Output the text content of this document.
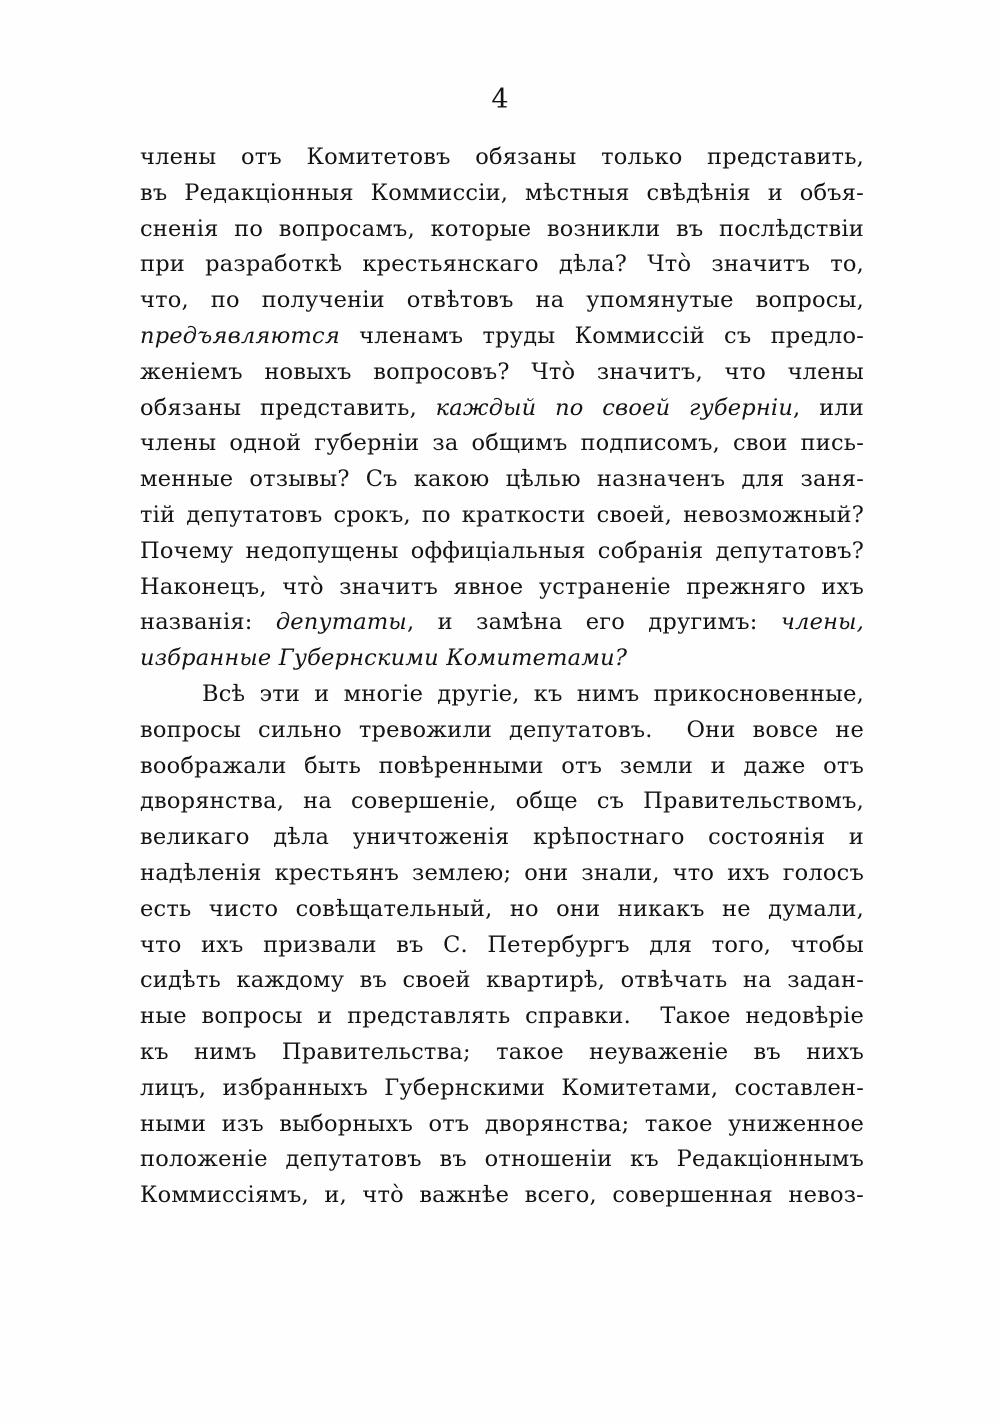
4
члены отъ Комитетовъ обязаны только представить,
въ Редакціонныя Коммиссіи, мѣстныя свѣдѣнія и объя-
сненія по вопросамъ, которые возникли въ послѣдствіи
при разработкѣ крестьянскаго дѣла? Что̀ значитъ то,
что, по полученіи отвѣтовъ на упомянутые вопросы,
предъявляются членамъ труды Коммиссій съ предло-
женіемъ новыхъ вопросовъ? Что̀ значитъ, что члены
обязаны представить, каждый по своей губерніи, или
члены одной губерніи за общимъ подписомъ, свои пись-
менные отзывы? Съ какою цѣлью назначенъ для заня-
тій депутатовъ срокъ, по краткости своей, невозможный?
Почему недопущены оффиціальныя собранія депутатовъ?
Наконецъ, что̀ значитъ явное устраненіе прежняго ихъ
названія: депутаты, и замѣна его другимъ: члены,
избранные Губернскими Комитетами?
Всѣ эти и многіе другіе, къ нимъ прикосновенные,
вопросы сильно тревожили депутатовъ.  Они вовсе не
воображали быть повѣренными отъ земли и даже отъ
дворянства, на совершеніе, обще съ Правительствомъ,
великаго дѣла уничтоженія крѣпостнаго состоянія и
надѣленія крестьянъ землею; они знали, что ихъ голосъ
есть чисто совѣщательный, но они никакъ не думали,
что ихъ призвали въ С. Петербургъ для того, чтобы
сидѣть каждому въ своей квартирѣ, отвѣчать на задан-
ные вопросы и представлять справки.  Такое недовѣріе
къ нимъ Правительства; такое неуваженіе въ нихъ
лицъ, избранныхъ Губернскими Комитетами, составлен-
ными изъ выборныхъ отъ дворянства; такое униженное
положеніе депутатовъ въ отношеніи къ Редакціоннымъ
Коммиссіямъ, и, что̀ важнѣе всего, совершенная невоз-
